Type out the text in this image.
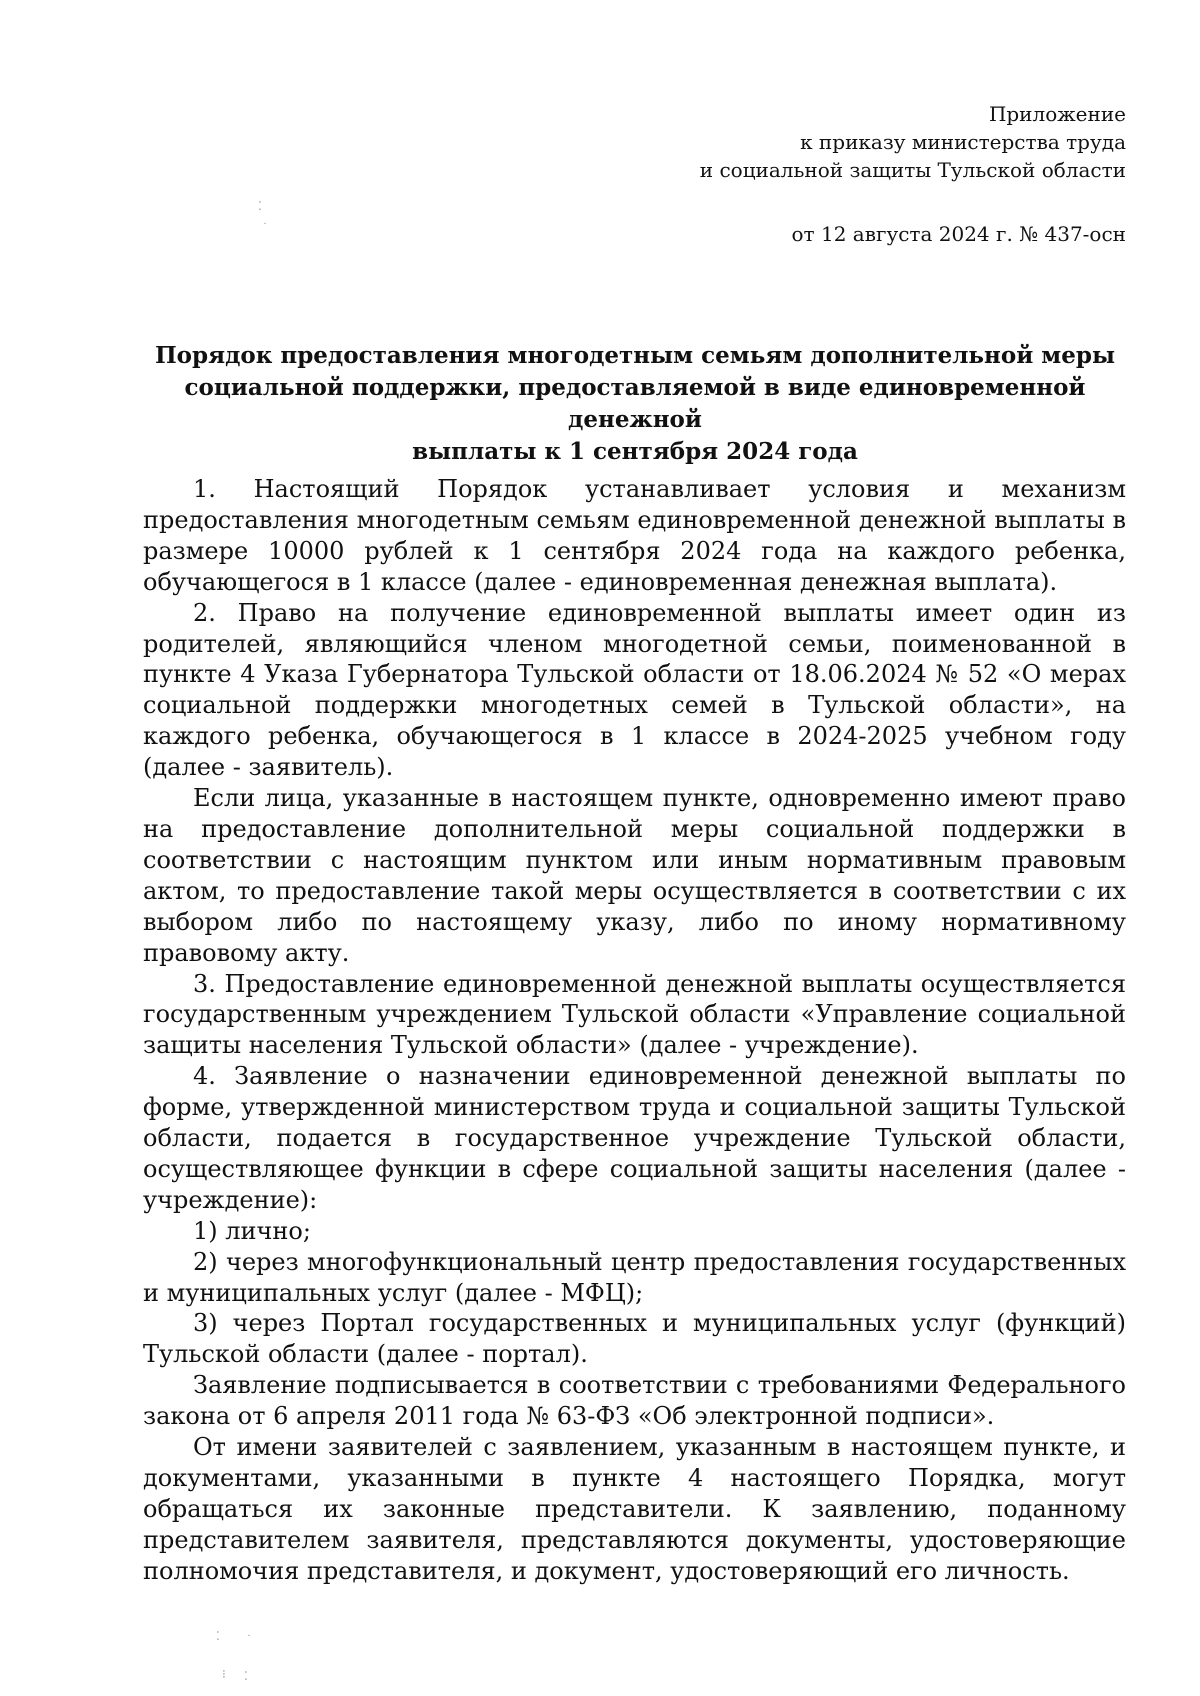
Приложение
к приказу министерства труда
и социальной защиты Тульской области
от 12 августа 2024 г. № 437-осн
Порядок предоставления многодетным семьям дополнительной меры
социальной поддержки, предоставляемой в виде единовременной денежной
выплаты к 1 сентября 2024 года

1. Настоящий Порядок устанавливает условия и механизм предоставления многодетным семьям единовременной денежной выплаты в размере 10000 рублей к 1 сентября 2024 года на каждого ребенка, обучающегося в 1 классе (далее - единовременная денежная выплата).

2. Право на получение единовременной выплаты имеет один из родителей, являющийся членом многодетной семьи, поименованной в пункте 4 Указа Губернатора Тульской области от 18.06.2024 № 52 «О мерах социальной поддержки многодетных семей в Тульской области», на каждого ребенка, обучающегося в 1 классе в 2024-2025 учебном году (далее - заявитель).

Если лица, указанные в настоящем пункте, одновременно имеют право на предоставление дополнительной меры социальной поддержки в соответствии с настоящим пунктом или иным нормативным правовым актом, то предоставление такой меры осуществляется в соответствии с их выбором либо по настоящему указу, либо по иному нормативному правовому акту.

3. Предоставление единовременной денежной выплаты осуществляется государственным учреждением Тульской области «Управление социальной защиты населения Тульской области» (далее - учреждение).

4. Заявление о назначении единовременной денежной выплаты по форме, утвержденной министерством труда и социальной защиты Тульской области, подается в государственное учреждение Тульской области, осуществляющее функции в сфере социальной защиты населения (далее - учреждение):

1) лично;

2) через многофункциональный центр предоставления государственных и муниципальных услуг (далее - МФЦ);

3) через Портал государственных и муниципальных услуг (функций) Тульской области (далее - портал).

Заявление подписывается в соответствии с требованиями Федерального закона от 6 апреля 2011 года № 63-ФЗ «Об электронной подписи».

От имени заявителей с заявлением, указанным в настоящем пункте, и документами, указанными в пункте 4 настоящего Порядка, могут обращаться их законные представители. К заявлению, поданному представителем заявителя, представляются документы, удостоверяющие полномочия представителя, и документ, удостоверяющий его личность.

⁚
˙
⁚ ˙
⁝ ⁚
